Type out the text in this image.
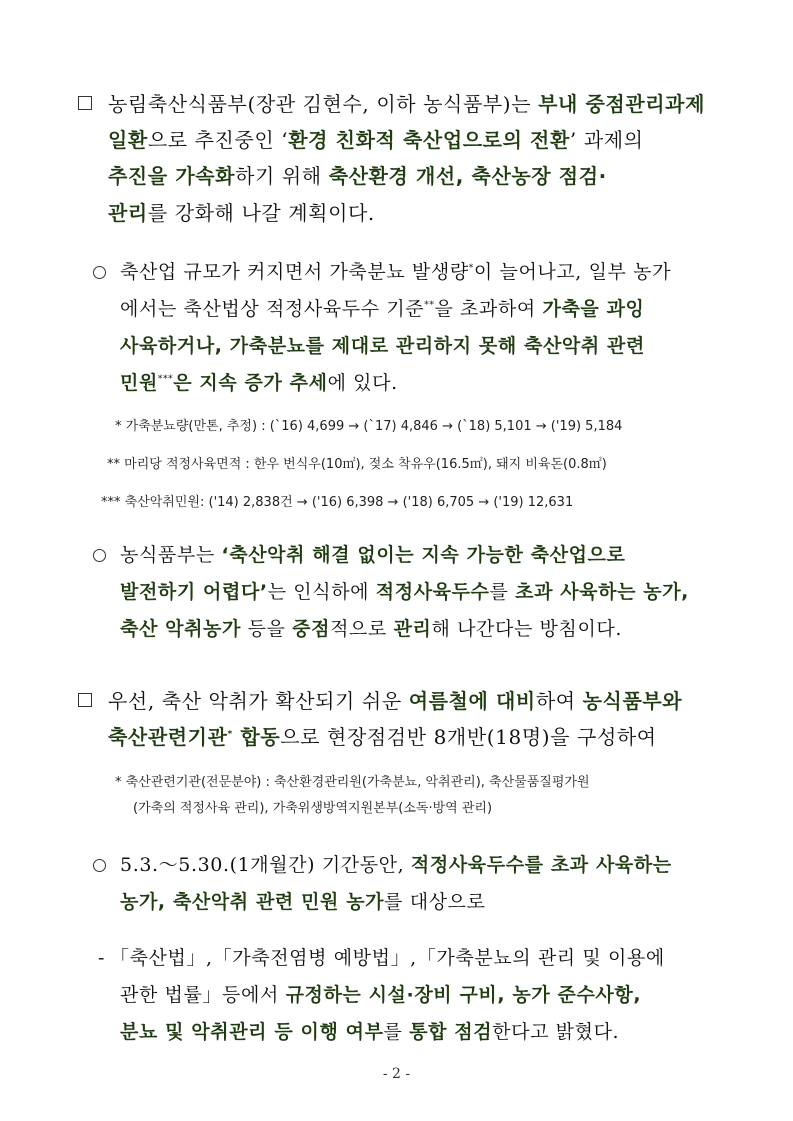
농림축산식품부(장관 김현수, 이하 농식품부)는 부내 중점관리과제
일환으로 추진중인 ‘환경 친화적 축산업으로의 전환’ 과제의
추진을 가속화하기 위해 축산환경 개선, 축산농장 점검·
관리를 강화해 나갈 계획이다.
축산업 규모가 커지면서 가축분뇨 발생량*이 늘어나고, 일부 농가
에서는 축산법상 적정사육두수 기준**을 초과하여 가축을 과잉
사육하거나, 가축분뇨를 제대로 관리하지 못해 축산악취 관련
민원***은 지속 증가 추세에 있다.
* 가축분뇨량(만톤, 추정) : (`16) 4,699 → (`17) 4,846 → (`18) 5,101 → ('19) 5,184
** 마리당 적정사육면적 : 한우 번식우(10㎡), 젖소 착유우(16.5㎡), 돼지 비육돈(0.8㎡)
*** 축산악취민원: ('14) 2,838건 → ('16) 6,398 → ('18) 6,705 → ('19) 12,631
농식품부는 ‘축산악취 해결 없이는 지속 가능한 축산업으로
발전하기 어렵다’는 인식하에 적정사육두수를 초과 사육하는 농가,
축산 악취농가 등을 중점적으로 관리해 나간다는 방침이다.
우선, 축산 악취가 확산되기 쉬운 여름철에 대비하여 농식품부와
축산관련기관* 합동으로 현장점검반 8개반(18명)을 구성하여
* 축산관련기관(전문분야) : 축산환경관리원(가축분뇨, 악취관리), 축산물품질평가원
(가축의 적정사육 관리), 가축위생방역지원본부(소독·방역 관리)
5.3.～5.30.(1개월간) 기간동안, 적정사육두수를 초과 사육하는
농가, 축산악취 관련 민원 농가를 대상으로
- 「축산법」,「가축전염병 예방법」,「가축분뇨의 관리 및 이용에
관한 법률」등에서 규정하는 시설·장비 구비, 농가 준수사항,
분뇨 및 악취관리 등 이행 여부를 통합 점검한다고 밝혔다.
- 2 -
